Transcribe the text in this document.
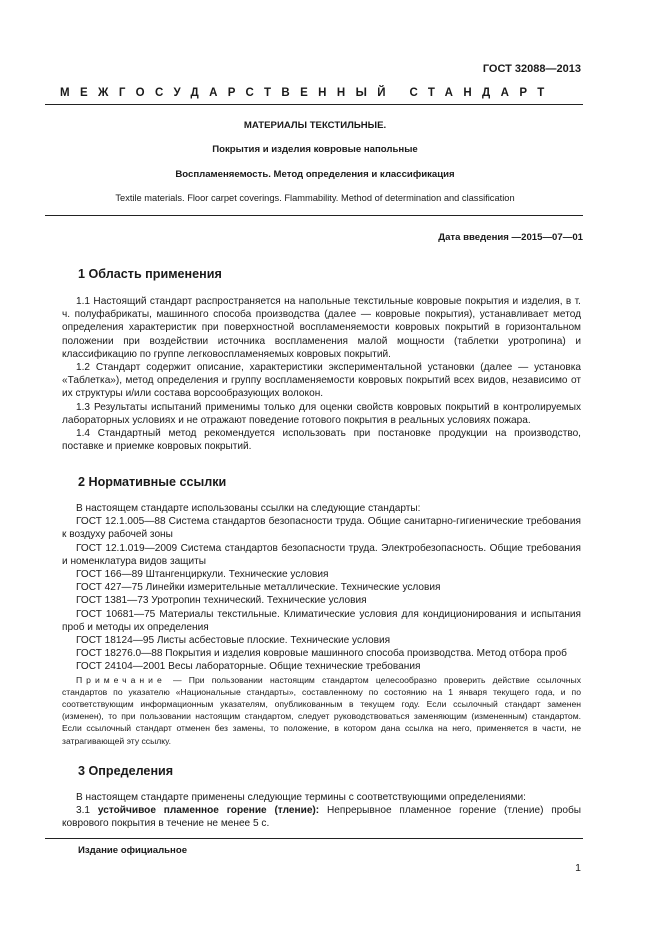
ГОСТ 32088—2013
МЕЖГОСУДАРСТВЕННЫЙ СТАНДАРТ
МАТЕРИАЛЫ ТЕКСТИЛЬНЫЕ.
Покрытия и изделия ковровые напольные
Воспламеняемость. Метод определения и классификация
Textile materials. Floor carpet coverings. Flammability. Method of determination and classification
Дата введения —2015—07—01
1 Область применения

1.1 Настоящий стандарт распространяется на напольные текстильные ковровые покрытия и изделия, в т. ч. полуфабрикаты, машинного способа производства (далее — ковровые покрытия), устанавливает метод определения характеристик при поверхностной воспламеняемости ковровых покрытий в горизонтальном положении при воздействии источника воспламенения малой мощности (таблетки уротропина) и классификацию по группе легковоспламеняемых ковровых покрытий.

1.2 Стандарт содержит описание, характеристики экспериментальной установки (далее — установка «Таблетка»), метод определения и группу воспламеняемости ковровых покрытий всех видов, независимо от их структуры и/или состава ворсообразующих волокон.

1.3 Результаты испытаний применимы только для оценки свойств ковровых покрытий в контролируемых лабораторных условиях и не отражают поведение готового покрытия в реальных условиях пожара.

1.4 Стандартный метод рекомендуется использовать при постановке продукции на производство, поставке и приемке ковровых покрытий.

2 Нормативные ссылки

В настоящем стандарте использованы ссылки на следующие стандарты:

ГОСТ 12.1.005—88 Система стандартов безопасности труда. Общие санитарно-гигиенические требования к воздуху рабочей зоны

ГОСТ 12.1.019—2009 Система стандартов безопасности труда. Электробезопасность. Общие требования и номенклатура видов защиты

ГОСТ 166—89 Штангенциркули. Технические условия

ГОСТ 427—75 Линейки измерительные металлические. Технические условия

ГОСТ 1381—73 Уротропин технический. Технические условия

ГОСТ 10681—75 Материалы текстильные. Климатические условия для кондиционирования и испытания проб и методы их определения

ГОСТ 18124—95 Листы асбестовые плоские. Технические условия

ГОСТ 18276.0—88 Покрытия и изделия ковровые машинного способа производства. Метод отбора проб

ГОСТ 24104—2001 Весы лабораторные. Общие технические требования

Примечание — При пользовании настоящим стандартом целесообразно проверить действие ссылочных стандартов по указателю «Национальные стандарты», составленному по состоянию на 1 января текущего года, и по соответствующим информационным указателям, опубликованным в текущем году. Если ссылочный стандарт заменен (изменен), то при пользовании настоящим стандартом, следует руководствоваться заменяющим (измененным) стандартом. Если ссылочный стандарт отменен без замены, то положение, в котором дана ссылка на него, применяется в части, не затрагивающей эту ссылку.

3 Определения

В настоящем стандарте применены следующие термины с соответствующими определениями:

3.1 устойчивое пламенное горение (тление): Непрерывное пламенное горение (тление) пробы коврового покрытия в течение не менее 5 с.

Издание официальное
1
